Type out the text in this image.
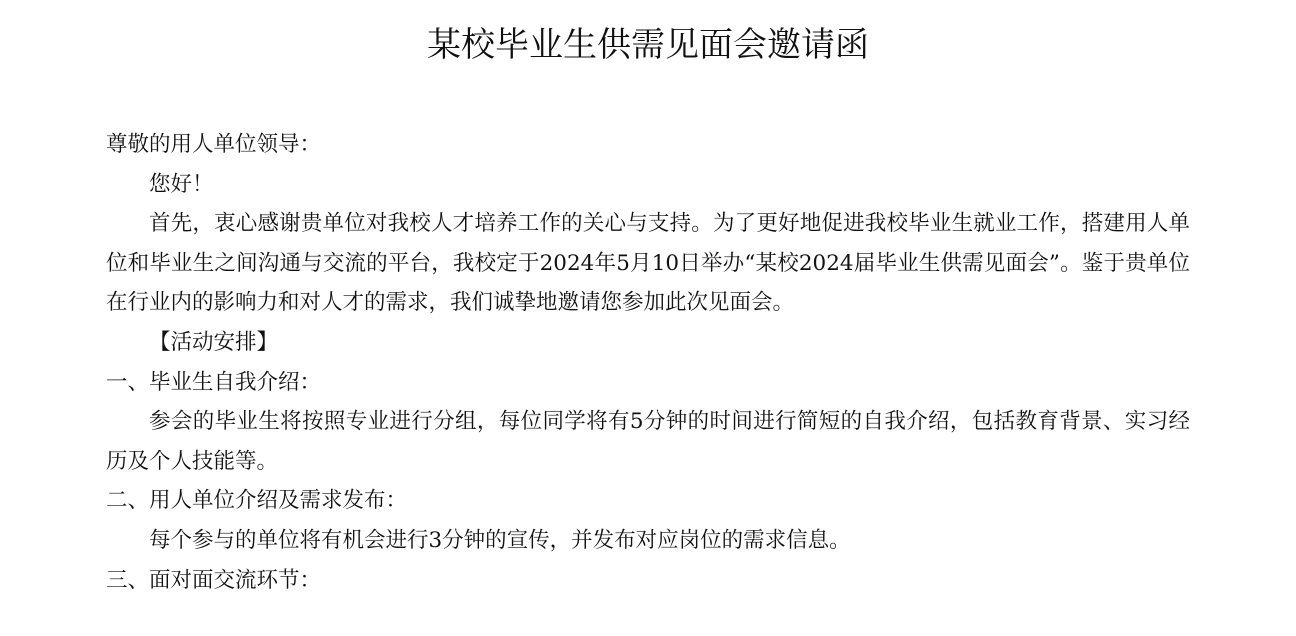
某校毕业生供需见面会邀请函

尊敬的用人单位领导：

您好！

首先，衷心感谢贵单位对我校人才培养工作的关心与支持。为了更好地促进我校毕业生就业工作，搭建用人单位和毕业生之间沟通与交流的平台，我校定于2024年5月10日举办“某校2024届毕业生供需见面会”。鉴于贵单位在行业内的影响力和对人才的需求，我们诚挚地邀请您参加此次见面会。

【活动安排】

一、毕业生自我介绍：

参会的毕业生将按照专业进行分组，每位同学将有5分钟的时间进行简短的自我介绍，包括教育背景、实习经历及个人技能等。

二、用人单位介绍及需求发布：

每个参与的单位将有机会进行3分钟的宣传，并发布对应岗位的需求信息。

三、面对面交流环节：
